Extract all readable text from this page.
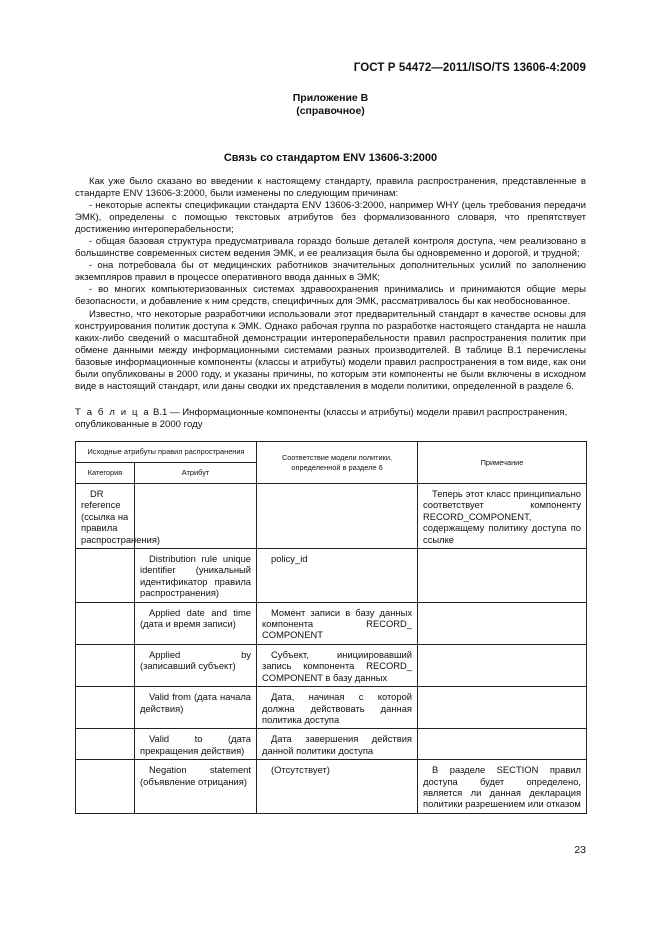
ГОСТ Р 54472—2011/ISO/TS 13606-4:2009
Приложение В
(справочное)
Связь со стандартом ENV 13606-3:2000

Как уже было сказано во введении к настоящему стандарту, правила распространения, представленные в стандарте ENV 13606-3:2000, были изменены по следующим причинам:

- некоторые аспекты спецификации стандарта ENV 13606-3:2000, например WHY (цель требования передачи ЭМК), определены с помощью текстовых атрибутов без формализованного словаря, что препятствует достижению интероперабельности;

- общая базовая структура предусматривала гораздо больше деталей контроля доступа, чем реализовано в большинстве современных систем ведения ЭМК, и ее реализация была бы одновременно и дорогой, и трудной;

- она потребовала бы от медицинских работников значительных дополнительных усилий по заполнению экземпляров правил в процессе оперативного ввода данных в ЭМК;

- во многих компьютеризованных системах здравоохранения принимались и принимаются общие меры безопасности, и добавление к ним средств, специфичных для ЭМК, рассматривалось бы как необоснованное.

Известно, что некоторые разработчики использовали этот предварительный стандарт в качестве основы для конструирования политик доступа к ЭМК. Однако рабочая группа по разработке настоящего стандарта не нашла каких-либо сведений о масштабной демонстрации интероперабельности правил распространения политик при обмене данными между информационными системами разных производителей. В таблице В.1 перечислены базовые информационные компоненты (классы и атрибуты) модели правил распространения в том виде, как они были опубликованы в 2000 году, и указаны причины, по которым эти компоненты не были включены в исходном виде в настоящий стандарт, или даны сводки их представления в модели политики, определенной в разделе 6.

Т а б л и ц а В.1 — Информационные компоненты (классы и атрибуты) модели правил распространения, опубликованные в 2000 году
Исходные атрибуты правил распространения		Соответствие модели политики, определенной в разделе 6	Примечание
Категория	Атрибут		
DR reference (ссылка на правила распространения)			Теперь этот класс принципиально соответствует компоненту RECORD_COMPONENT, содержащему политику доступа по ссылке
	Distribution rule unique identifier (уникальный идентификатор правила распространения)	policy_id	
	Applied date and time (дата и время записи)	Момент записи в базу данных компонента RECORD_ COMPONENT	
	Applied by (записавший субъект)	Субъект, инициировавший запись компонента RECORD_ COMPONENT в базу данных	
	Valid from (дата начала действия)	Дата, начиная с которой должна действовать данная политика доступа	
	Valid to (дата прекращения действия)	Дата завершения действия данной политики доступа	
	Negation statement (объявление отрицания)	(Отсутствует)	В разделе SECTION правил доступа будет определено, является ли данная декларация политики разрешением или отказом
23
